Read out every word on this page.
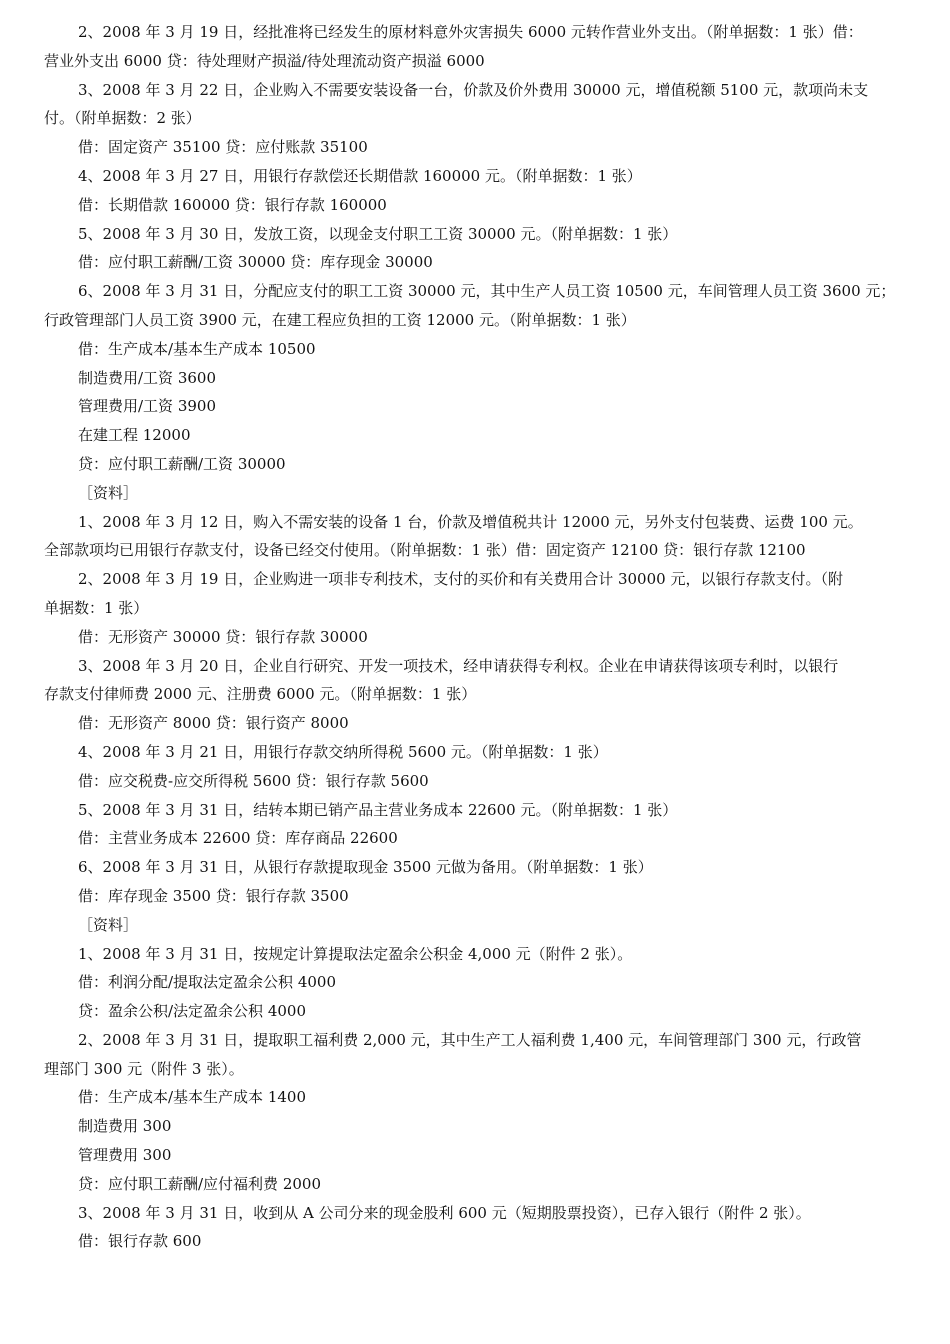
2、2008 年 3 月 19 日，经批准将已经发生的原材料意外灾害损失 6000 元转作营业外支出。（附单据数：1 张）借：
营业外支出 6000 贷：待处理财产损溢/待处理流动资产损溢 6000
3、2008 年 3 月 22 日，企业购入不需要安装设备一台，价款及价外费用 30000 元，增值税额 5100 元，款项尚未支
付。（附单据数：2 张）
借：固定资产 35100 贷：应付账款 35100
4、2008 年 3 月 27 日，用银行存款偿还长期借款 160000 元。（附单据数：1 张）
借：长期借款 160000 贷：银行存款 160000
5、2008 年 3 月 30 日，发放工资，以现金支付职工工资 30000 元。（附单据数：1 张）
借：应付职工薪酬/工资 30000 贷：库存现金 30000
6、2008 年 3 月 31 日，分配应支付的职工工资 30000 元，其中生产人员工资 10500 元，车间管理人员工资 3600 元；
行政管理部门人员工资 3900 元，在建工程应负担的工资 12000 元。（附单据数：1 张）
借：生产成本/基本生产成本 10500
制造费用/工资 3600
管理费用/工资 3900
在建工程 12000
贷：应付职工薪酬/工资 30000
［资料］
1、2008 年 3 月 12 日，购入不需安装的设备 1 台，价款及增值税共计 12000 元，另外支付包装费、运费 100 元。
全部款项均已用银行存款支付，设备已经交付使用。（附单据数：1 张）借：固定资产 12100 贷：银行存款 12100
2、2008 年 3 月 19 日，企业购进一项非专利技术，支付的买价和有关费用合计 30000 元，以银行存款支付。（附
单据数：1 张）
借：无形资产 30000 贷：银行存款 30000
3、2008 年 3 月 20 日，企业自行研究、开发一项技术，经申请获得专利权。企业在申请获得该项专利时，以银行
存款支付律师费 2000 元、注册费 6000 元。（附单据数：1 张）
借：无形资产 8000 贷：银行资产 8000
4、2008 年 3 月 21 日，用银行存款交纳所得税 5600 元。（附单据数：1 张）
借：应交税费-应交所得税 5600 贷：银行存款 5600
5、2008 年 3 月 31 日，结转本期已销产品主营业务成本 22600 元。（附单据数：1 张）
借：主营业务成本 22600 贷：库存商品 22600
6、2008 年 3 月 31 日，从银行存款提取现金 3500 元做为备用。（附单据数：1 张）
借：库存现金 3500 贷：银行存款 3500
［资料］
1、2008 年 3 月 31 日，按规定计算提取法定盈余公积金 4,000 元（附件 2 张）。
借：利润分配/提取法定盈余公积 4000
贷：盈余公积/法定盈余公积 4000
2、2008 年 3 月 31 日，提取职工福利费 2,000 元，其中生产工人福利费 1,400 元，车间管理部门 300 元，行政管
理部门 300 元（附件 3 张）。
借：生产成本/基本生产成本 1400
制造费用 300
管理费用 300
贷：应付职工薪酬/应付福利费 2000
3、2008 年 3 月 31 日，收到从 A 公司分来的现金股利 600 元（短期股票投资），已存入银行（附件 2 张）。
借：银行存款 600
